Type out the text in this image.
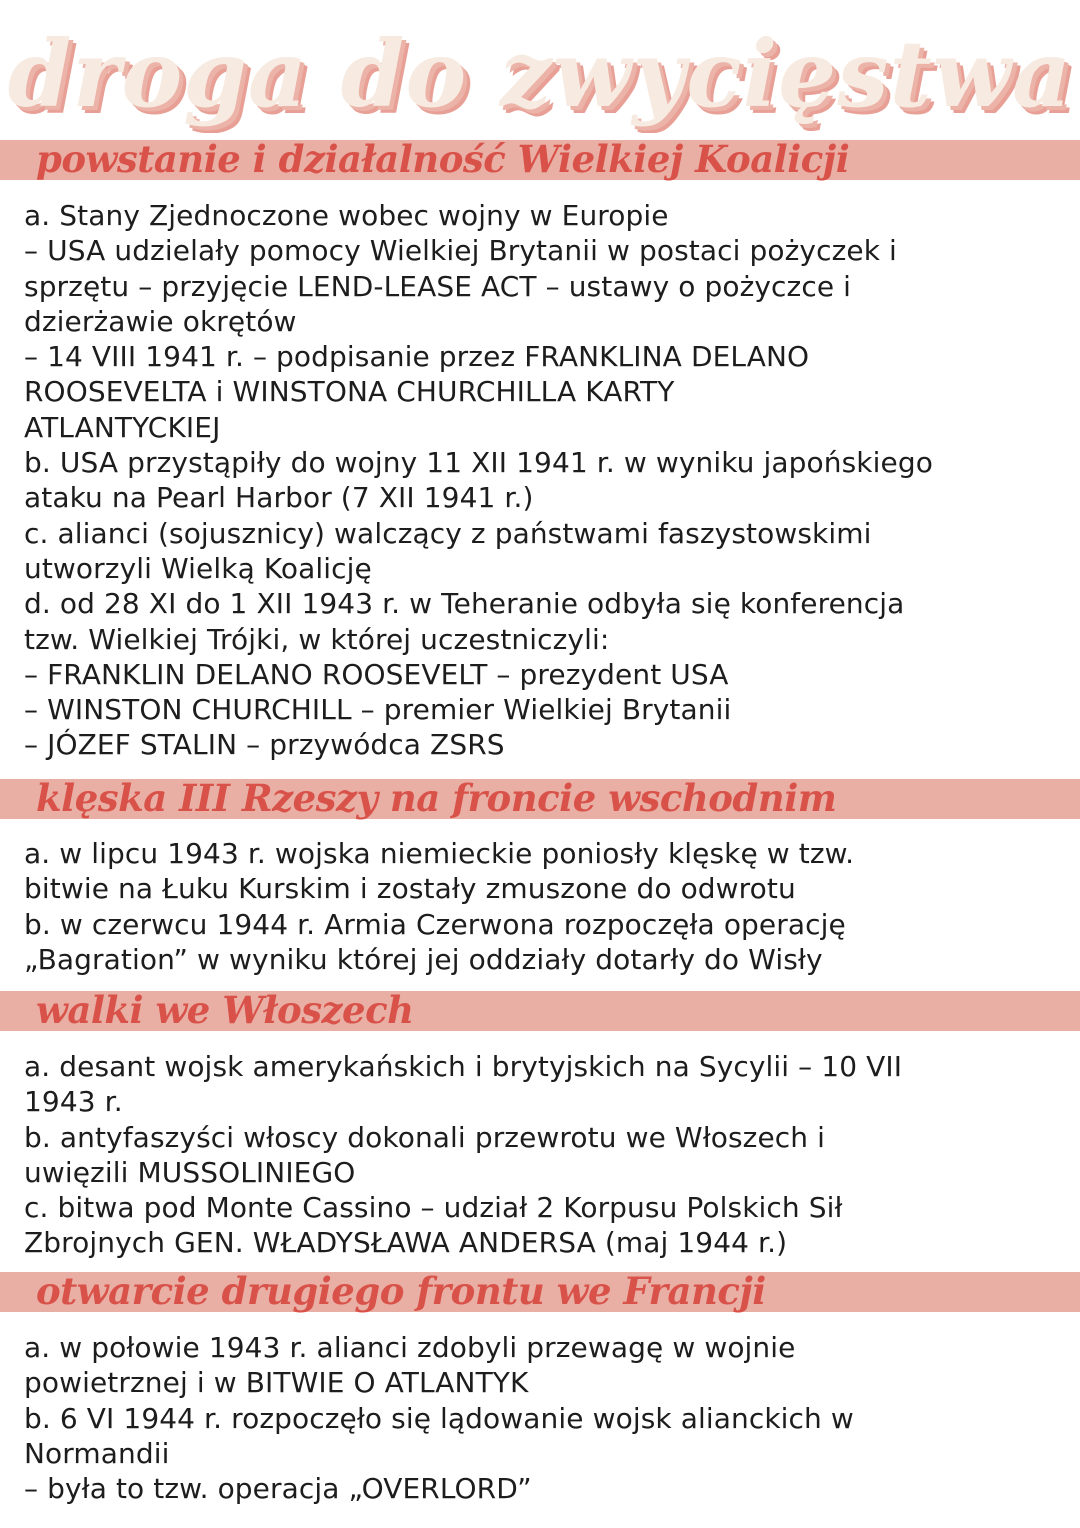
droga do zwycięstwa
powstanie i działalność Wielkiej Koalicji
a. Stany Zjednoczone wobec wojny w Europie
– USA udzielały pomocy Wielkiej Brytanii w postaci pożyczek i
sprzętu – przyjęcie LEND-LEASE ACT – ustawy o pożyczce i
dzierżawie okrętów
– 14 VIII 1941 r. – podpisanie przez FRANKLINA DELANO
ROOSEVELTA i WINSTONA CHURCHILLA KARTY
ATLANTYCKIEJ
b. USA przystąpiły do wojny 11 XII 1941 r. w wyniku japońskiego
ataku na Pearl Harbor (7 XII 1941 r.)
c. alianci (sojusznicy) walczący z państwami faszystowskimi
utworzyli Wielką Koalicję
d. od 28 XI do 1 XII 1943 r. w Teheranie odbyła się konferencja
tzw. Wielkiej Trójki, w której uczestniczyli:
– FRANKLIN DELANO ROOSEVELT – prezydent USA
– WINSTON CHURCHILL – premier Wielkiej Brytanii
– JÓZEF STALIN – przywódca ZSRS
klęska III Rzeszy na froncie wschodnim
a. w lipcu 1943 r. wojska niemieckie poniosły klęskę w tzw.
bitwie na Łuku Kurskim i zostały zmuszone do odwrotu
b. w czerwcu 1944 r. Armia Czerwona rozpoczęła operację
„Bagration” w wyniku której jej oddziały dotarły do Wisły
walki we Włoszech
a. desant wojsk amerykańskich i brytyjskich na Sycylii – 10 VII
1943 r.
b. antyfaszyści włoscy dokonali przewrotu we Włoszech i
uwięzili MUSSOLINIEGO
c. bitwa pod Monte Cassino – udział 2 Korpusu Polskich Sił
Zbrojnych GEN. WŁADYSŁAWA ANDERSA (maj 1944 r.)
otwarcie drugiego frontu we Francji
a. w połowie 1943 r. alianci zdobyli przewagę w wojnie
powietrznej i w BITWIE O ATLANTYK
b. 6 VI 1944 r. rozpoczęło się lądowanie wojsk alianckich w
Normandii
– była to tzw. operacja „OVERLORD”
